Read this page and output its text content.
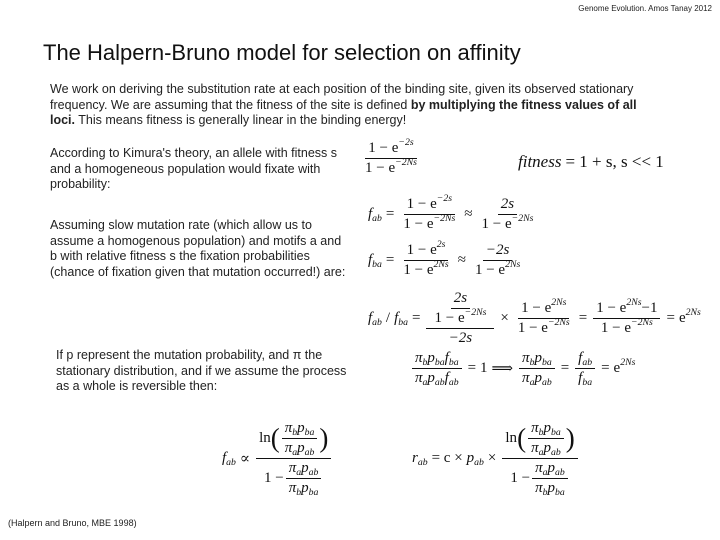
Genome Evolution. Amos Tanay 2012
The Halpern-Bruno model for selection on affinity
We work on deriving the substitution rate at each position of the binding site, given its observed stationary frequency. We are assuming that the fitness of the site is defined by multiplying the fitness values of all loci. This means fitness is generally linear in the binding energy!
According to Kimura's theory, an allele with fitness s and a homogeneous population would fixate with probability:
$\frac{1 - e^{-2s}}{1 - e^{-2Ns}}$	fitness = 1 + s, s << 1
Assuming slow mutation rate (which allow us to assume a homogenous population) and motifs a and b with relative fitness s the fixation probabilities (chance of fixation given that mutation occurred!) are:
$f_{ab} = \frac{1 - e^{-2s}}{1 - e^{-2Ns}} \approx \frac{2s}{1 - e^{-2Ns}}$
$f_{ba} = \frac{1 - e^{2s}}{1 - e^{2Ns}} \approx \frac{-2s}{1 - e^{2Ns}}$
$f_{ab} / f_{ba} = \frac{\frac{2s}{1 - e^{-2Ns}}}{-2s} \times \frac{1 - e^{2Ns}}{1 - e^{-2Ns}} = \frac{1 - e^{2Ns}-1}{1 - e^{-2Ns}} = e^{2Ns}$
If p represent the mutation probability, and π the stationary distribution, and if we assume the process as a whole is reversible then:	$\frac{\pi_bp_{ba}f_{ba}}{\pi_ap_{ab}f_{ab}} = 1$ ⟹ $\frac{\pi_bp_{ba}}{\pi_ap_{ab}} = \frac{f_{ab}}{f_{ba}} = e^{2Ns}$
$f_{ab} \propto \frac{\ln ( \frac{\pi_bp_{ba}}{\pi_ap_{ab}} )}{1 - \frac{\pi_ap_{ab}}{\pi_bp_{ba}}}$	$r_{ab} = c \times p_{ab} \times \frac{\ln ( \frac{\pi_bp_{ba}}{\pi_ap_{ab}} )}{1 - \frac{\pi_ap_{ab}}{\pi_bp_{ba}}}$
(Halpern and Bruno, MBE 1998)
